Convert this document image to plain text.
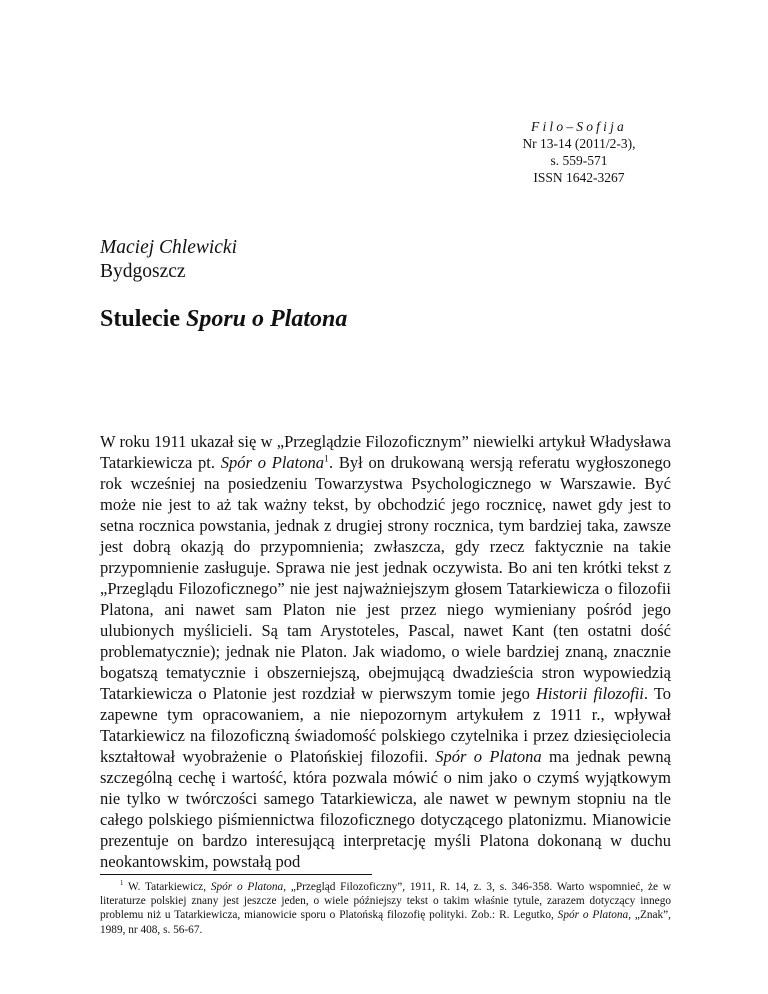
Filo–Sofija
Nr 13-14 (2011/2-3),
s. 559-571
ISSN 1642-3267
Maciej Chlewicki
Bydgoszcz
Stulecie Sporu o Platona

W roku 1911 ukazał się w „Przeglądzie Filozoficznym” niewielki artykuł Władysława Tatarkiewicza pt. Spór o Platona$^1$. Był on drukowaną wersją referatu wygłoszonego rok wcześniej na posiedzeniu Towarzystwa Psychologicznego w Warszawie. Być może nie jest to aż tak ważny tekst, by obchodzić jego rocznicę, nawet gdy jest to setna rocznica powstania, jednak z drugiej strony rocznica, tym bardziej taka, zawsze jest dobrą okazją do przypomnienia; zwłaszcza, gdy rzecz faktycznie na takie przypomnienie zasługuje. Sprawa nie jest jednak oczywista. Bo ani ten krótki tekst z „Przeglądu Filozoficznego” nie jest najważniejszym głosem Tatarkiewicza o filozofii Platona, ani nawet sam Platon nie jest przez niego wymieniany pośród jego ulubionych myślicieli. Są tam Arystoteles, Pascal, nawet Kant (ten ostatni dość problematycznie); jednak nie Platon. Jak wiadomo, o wiele bardziej znaną, znacznie bogatszą tematycznie i obszerniejszą, obejmującą dwadzieścia stron wypowiedzią Tatarkiewicza o Platonie jest rozdział w pierwszym tomie jego Historii filozofii. To zapewne tym opracowaniem, a nie niepozornym artykułem z 1911 r., wpływał Tatarkiewicz na filozoficzną świadomość polskiego czytelnika i przez dziesięciolecia kształtował wyobrażenie o Platońskiej filozofii. Spór o Platona ma jednak pewną szczególną cechę i wartość, która pozwala mówić o nim jako o czymś wyjątkowym nie tylko w twórczości samego Tatarkiewicza, ale nawet w pewnym stopniu na tle całego polskiego piśmiennictwa filozoficznego dotyczącego platonizmu. Mianowicie prezentuje on bardzo interesującą interpretację myśli Platona dokonaną w duchu neokantowskim, powstałą pod

$^1$ W. Tatarkiewicz, Spór o Platona, „Przegląd Filozoficzny”, 1911, R. 14, z. 3, s. 346-358. Warto wspomnieć, że w literaturze polskiej znany jest jeszcze jeden, o wiele późniejszy tekst o takim właśnie tytule, zarazem dotyczący innego problemu niż u Tatarkiewicza, mianowicie sporu o Platońską filozofię polityki. Zob.: R. Legutko, Spór o Platona, „Znak”, 1989, nr 408, s. 56-67.
